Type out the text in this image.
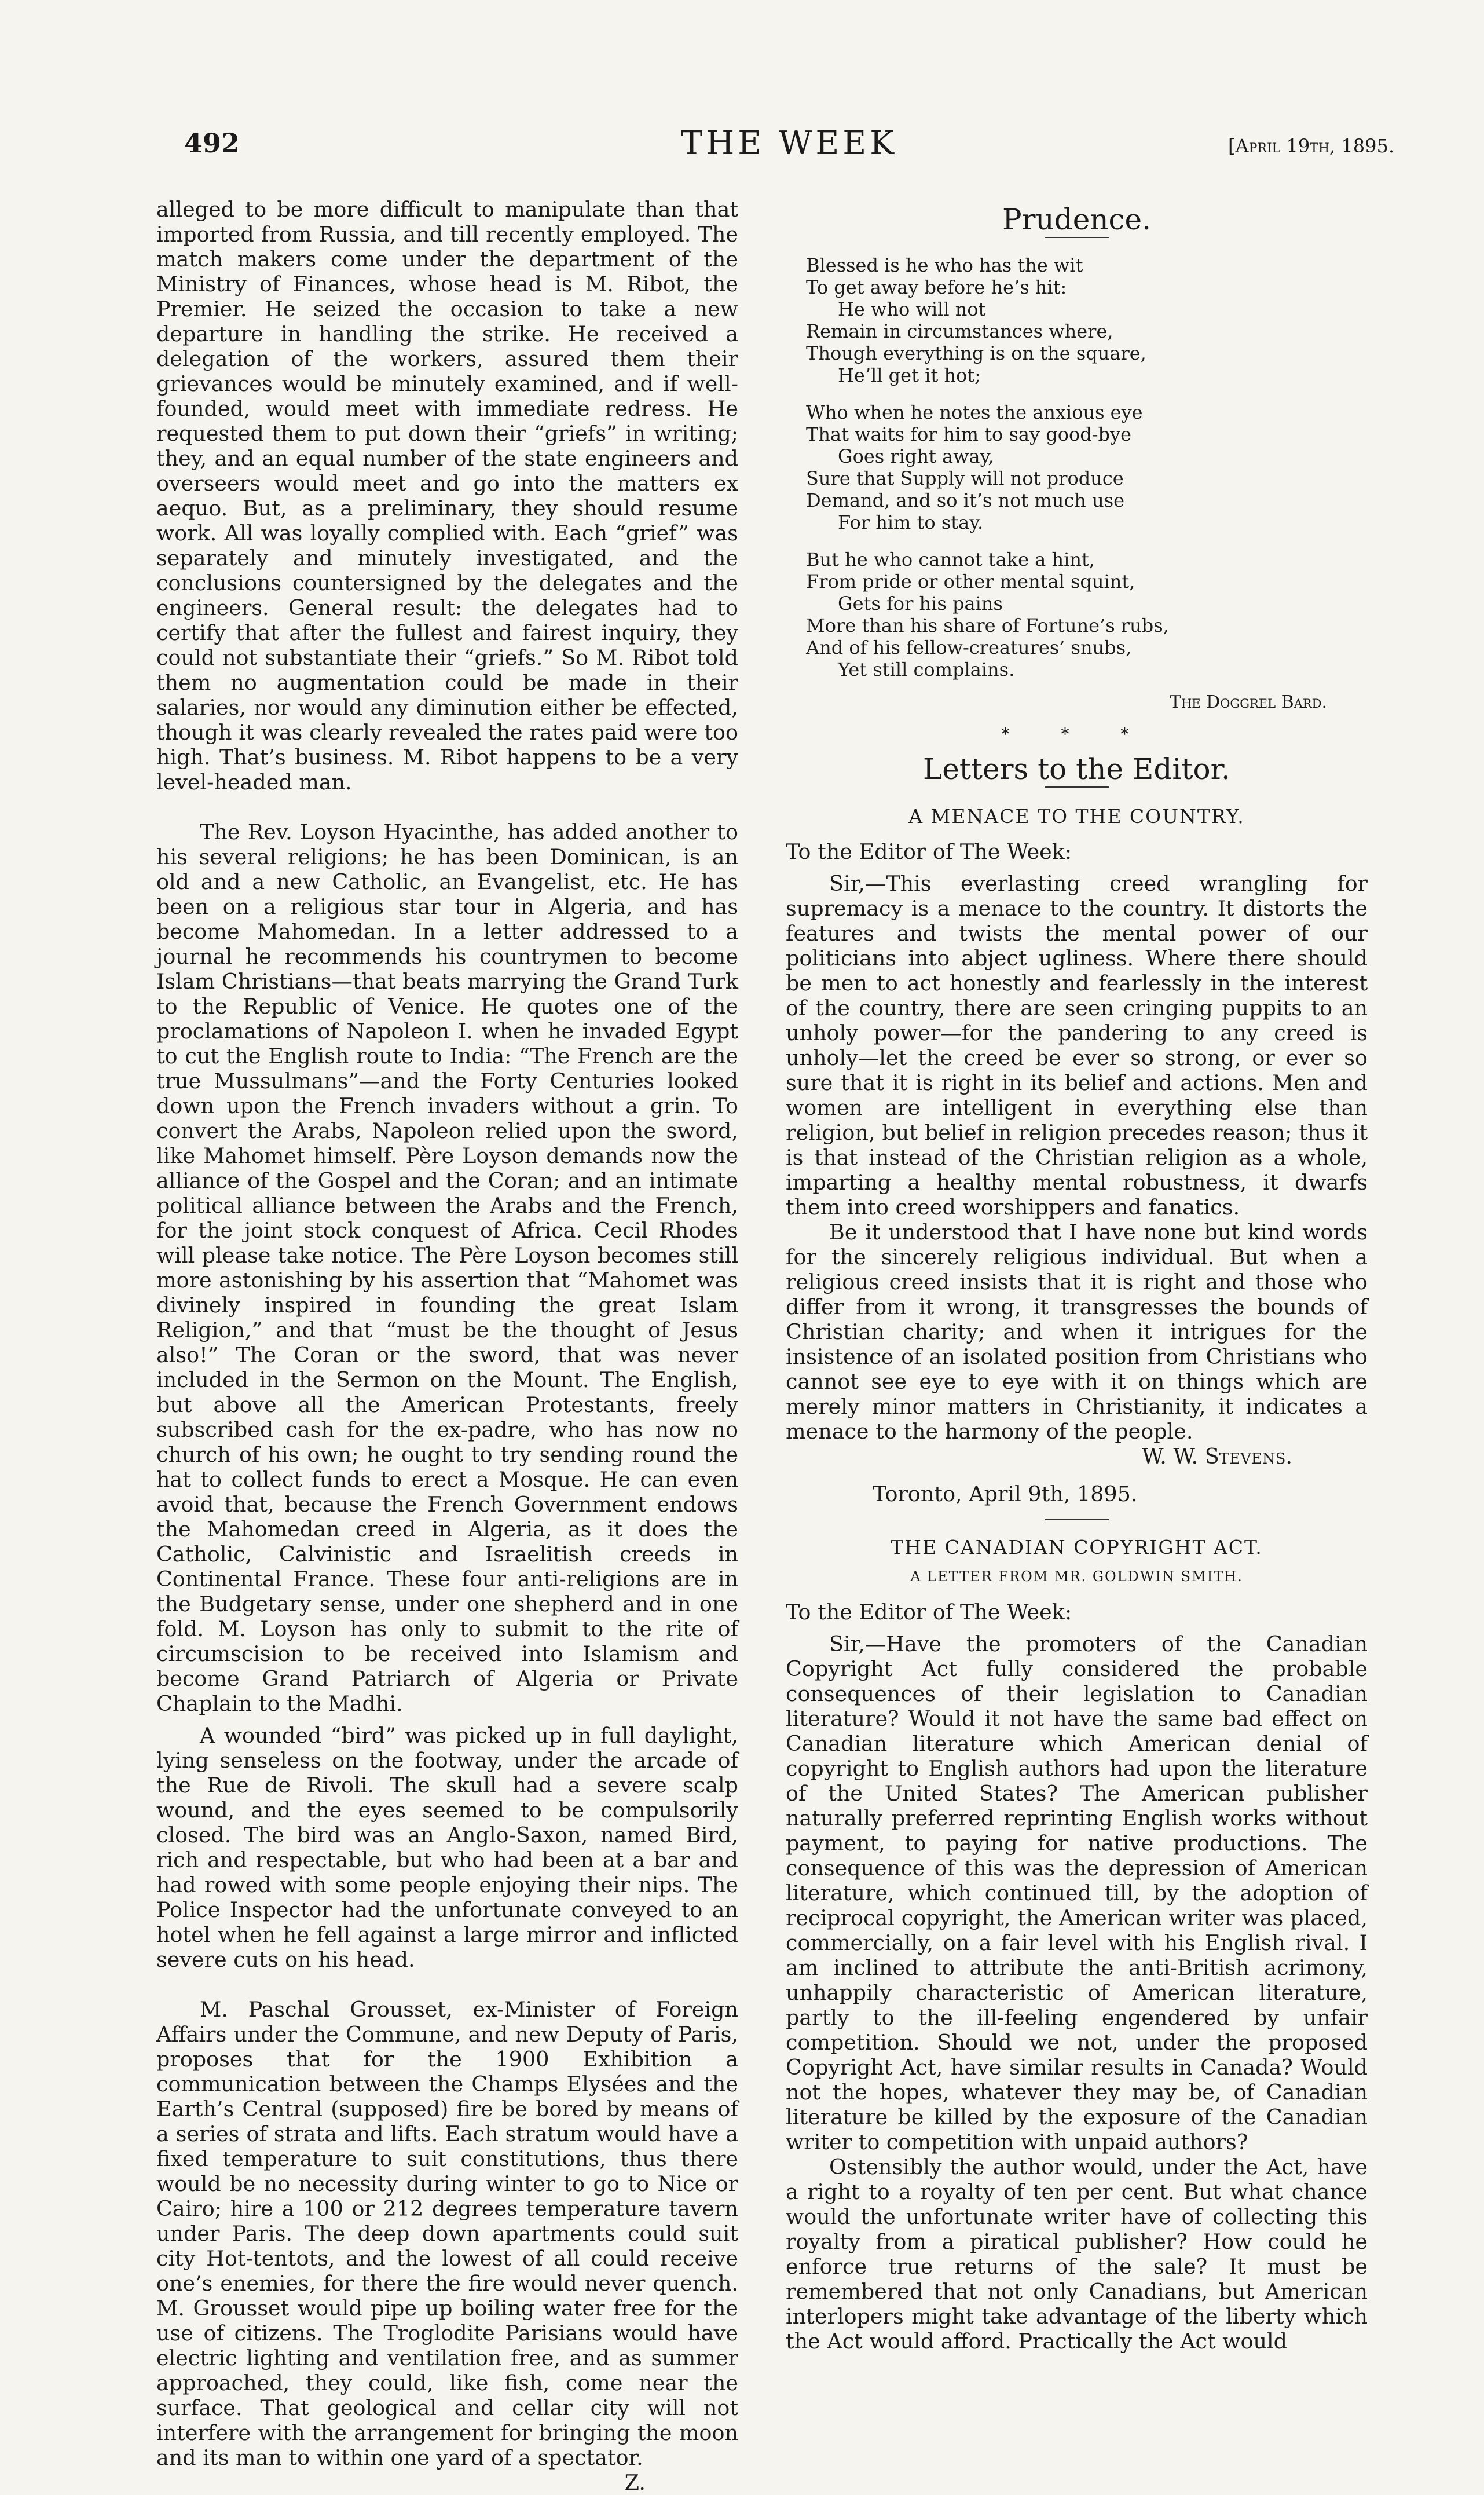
492	THE WEEK	[April 19th, 1895.

alleged to be more difficult to manipulate than that imported from Russia, and till recently employed. The match makers come under the department of the Ministry of Finances, whose head is M. Ribot, the Premier. He seized the occasion to take a new departure in handling the strike. He received a delegation of the workers, assured them their grievances would be minutely examined, and if well-founded, would meet with immediate redress. He requested them to put down their “griefs” in writing; they, and an equal number of the state engineers and overseers would meet and go into the matters ex aequo. But, as a preliminary, they should resume work. All was loyally complied with. Each “grief” was separately and minutely investigated, and the conclusions countersigned by the delegates and the engineers. General result: the delegates had to certify that after the fullest and fairest inquiry, they could not substantiate their “griefs.” So M. Ribot told them no augmentation could be made in their salaries, nor would any diminution either be effected, though it was clearly revealed the rates paid were too high. That’s business. M. Ribot happens to be a very level-headed man.

The Rev. Loyson Hyacinthe, has added another to his several religions; he has been Dominican, is an old and a new Catholic, an Evangelist, etc. He has been on a religious star tour in Algeria, and has become Mahomedan. In a letter addressed to a journal he recommends his countrymen to become Islam Christians—that beats marrying the Grand Turk to the Republic of Venice. He quotes one of the proclamations of Napoleon I. when he invaded Egypt to cut the English route to India: “The French are the true Mussulmans”—and the Forty Centuries looked down upon the French invaders without a grin. To convert the Arabs, Napoleon relied upon the sword, like Mahomet himself. Père Loyson demands now the alliance of the Gospel and the Coran; and an intimate political alliance between the Arabs and the French, for the joint stock conquest of Africa. Cecil Rhodes will please take notice. The Père Loyson becomes still more astonishing by his assertion that “Mahomet was divinely inspired in founding the great Islam Religion,” and that “must be the thought of Jesus also!” The Coran or the sword, that was never included in the Sermon on the Mount. The English, but above all the American Protestants, freely subscribed cash for the ex-padre, who has now no church of his own; he ought to try sending round the hat to collect funds to erect a Mosque. He can even avoid that, because the French Government endows the Mahomedan creed in Algeria, as it does the Catholic, Calvinistic and Israelitish creeds in Continental France. These four anti-religions are in the Budgetary sense, under one shepherd and in one fold. M. Loyson has only to submit to the rite of circumscision to be received into Islamism and become Grand Patriarch of Algeria or Private Chaplain to the Madhi.

A wounded “bird” was picked up in full daylight, lying senseless on the footway, under the arcade of the Rue de Rivoli. The skull had a severe scalp wound, and the eyes seemed to be compulsorily closed. The bird was an Anglo-Saxon, named Bird, rich and respectable, but who had been at a bar and had rowed with some people enjoying their nips. The Police Inspector had the unfortunate conveyed to an hotel when he fell against a large mirror and inflicted severe cuts on his head.

M. Paschal Grousset, ex-Minister of Foreign Affairs under the Commune, and new Deputy of Paris, proposes that for the 1900 Exhibition a communication between the Champs Elysées and the Earth’s Central (supposed) fire be bored by means of a series of strata and lifts. Each stratum would have a fixed temperature to suit constitutions, thus there would be no necessity during winter to go to Nice or Cairo; hire a 100 or 212 degrees temperature tavern under Paris. The deep down apartments could suit city Hot-tentots, and the lowest of all could receive one’s enemies, for there the fire would never quench. M. Grousset would pipe up boiling water free for the use of citizens. The Troglodite Parisians would have electric lighting and ventilation free, and as summer approached, they could, like fish, come near the surface. That geological and cellar city will not interfere with the arrangement for bringing the moon and its man to within one yard of a spectator.

Z.

Prudence.
Blessed is he who has the wit
To get away before he’s hit:
He who will not
Remain in circumstances where,
Though everything is on the square,
He’ll get it hot;
Who when he notes the anxious eye
That waits for him to say good-bye
Goes right away,
Sure that Supply will not produce
Demand, and so it’s not much use
For him to stay.
But he who cannot take a hint,
From pride or other mental squint,
Gets for his pains
More than his share of Fortune’s rubs,
And of his fellow-creatures’ snubs,
Yet still complains.
The Doggrel Bard.
* * *
Letters to the Editor.
A MENACE TO THE COUNTRY.

To the Editor of The Week:

Sir,—This everlasting creed wrangling for supremacy is a menace to the country. It distorts the features and twists the mental power of our politicians into abject ugliness. Where there should be men to act honestly and fearlessly in the interest of the country, there are seen cringing puppits to an unholy power—for the pandering to any creed is unholy—let the creed be ever so strong, or ever so sure that it is right in its belief and actions. Men and women are intelligent in everything else than religion, but belief in religion precedes reason; thus it is that instead of the Christian religion as a whole, imparting a healthy mental robustness, it dwarfs them into creed worshippers and fanatics.

Be it understood that I have none but kind words for the sincerely religious individual. But when a religious creed insists that it is right and those who differ from it wrong, it transgresses the bounds of Christian charity; and when it intrigues for the insistence of an isolated position from Christians who cannot see eye to eye with it on things which are merely minor matters in Christianity, it indicates a menace to the harmony of the people.

W. W. Stevens.

Toronto, April 9th, 1895.

THE CANADIAN COPYRIGHT ACT.
A LETTER FROM MR. GOLDWIN SMITH.

To the Editor of The Week:

Sir,—Have the promoters of the Canadian Copyright Act fully considered the probable consequences of their legislation to Canadian literature? Would it not have the same bad effect on Canadian literature which American denial of copyright to English authors had upon the literature of the United States? The American publisher naturally preferred reprinting English works without payment, to paying for native productions. The consequence of this was the depression of American literature, which continued till, by the adoption of reciprocal copyright, the American writer was placed, commercially, on a fair level with his English rival. I am inclined to attribute the anti-British acrimony, unhappily characteristic of American literature, partly to the ill-feeling engendered by unfair competition. Should we not, under the proposed Copyright Act, have similar results in Canada? Would not the hopes, whatever they may be, of Canadian literature be killed by the exposure of the Canadian writer to competition with unpaid authors?

Ostensibly the author would, under the Act, have a right to a royalty of ten per cent. But what chance would the unfortunate writer have of collecting this royalty from a piratical publisher? How could he enforce true returns of the sale? It must be remembered that not only Canadians, but American interlopers might take advantage of the liberty which the Act would afford. Practically the Act would
